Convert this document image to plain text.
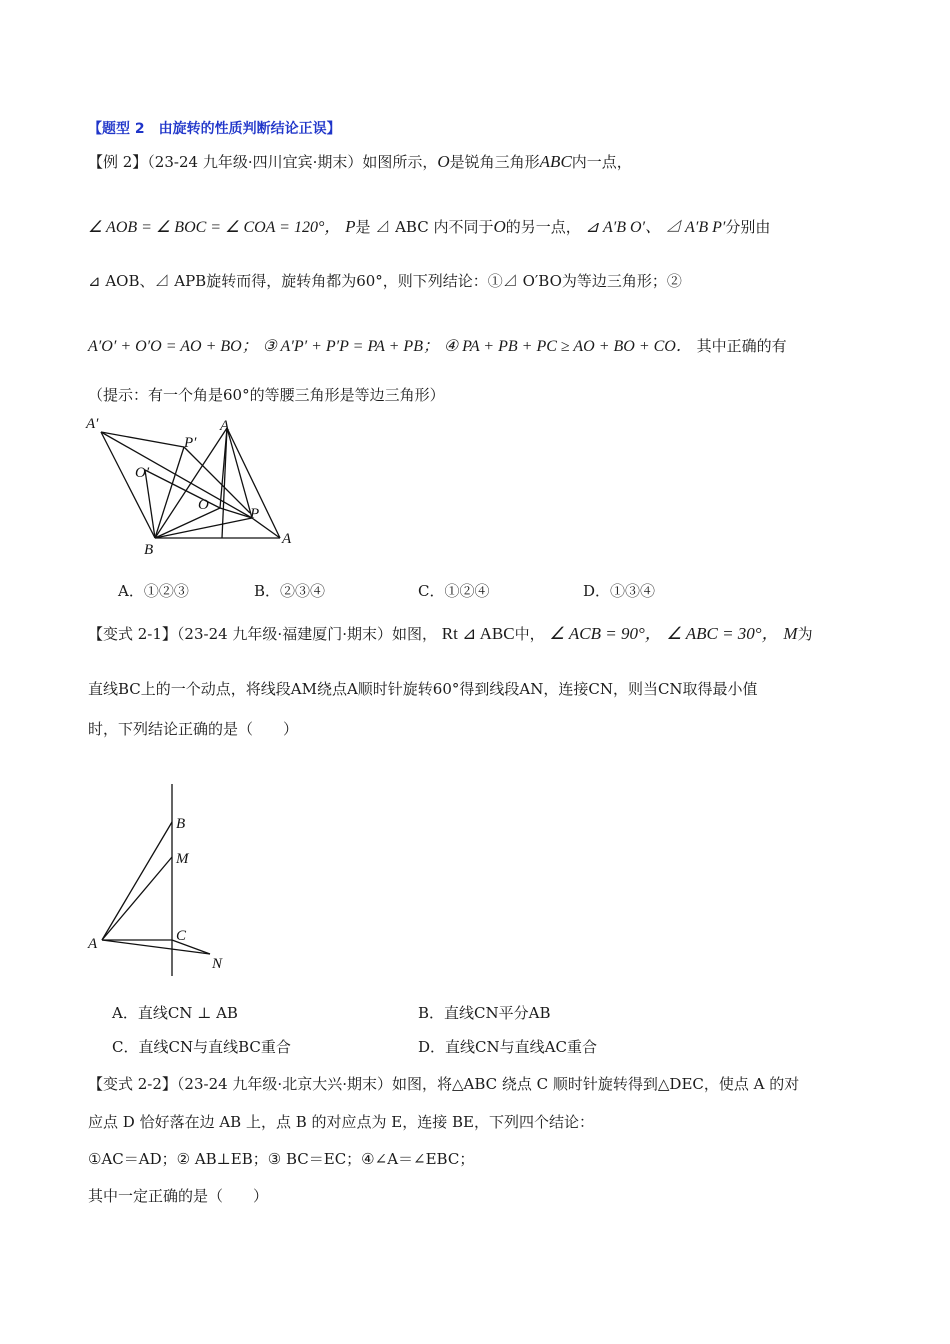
【题型 2　由旋转的性质判断结论正误】
【例 2】（23-24 九年级·四川宜宾·期末）如图所示，O是锐角三角形ABC内一点，
∠ AOB = ∠ BOC = ∠ COA = 120°， P是 ⊿ ABC 内不同于O的另一点， ⊿ A′B O′、 ⊿ A′B P′分别由
⊿ AOB、⊿ APB旋转而得，旋转角都为60°，则下列结论：①⊿ O′BO为等边三角形；②
A′O′ + O′O = AO + BO； ③ A′P′ + P′P = PA + PB； ④ PA + PB + PC ≥ AO + BO + CO． 其中正确的有
（提示：有一个角是60°的等腰三角形是等边三角形）
A′
P′
A
O′
O
P
B
A
A．①②③	B．②③④	C．①②④	D．①③④
【变式 2-1】（23-24 九年级·福建厦门·期末）如图， Rt ⊿ ABC中， ∠ ACB = 90°， ∠ ABC = 30°， M为
直线BC上的一个动点，将线段AM绕点A顺时针旋转60°得到线段AN，连接CN，则当CN取得最小值
时，下列结论正确的是（　　）
B
M
A	C
N
A．直线CN ⊥ AB	B．直线CN平分AB
C．直线CN与直线BC重合	D．直线CN与直线AC重合
【变式 2-2】（23-24 九年级·北京大兴·期末）如图，将△ABC 绕点 C 顺时针旋转得到△DEC，使点 A 的对
应点 D 恰好落在边 AB 上，点 B 的对应点为 E，连接 BE，下列四个结论：
①AC＝AD；② AB⊥EB；③ BC＝EC；④∠A＝∠EBC；
其中一定正确的是（　　）
